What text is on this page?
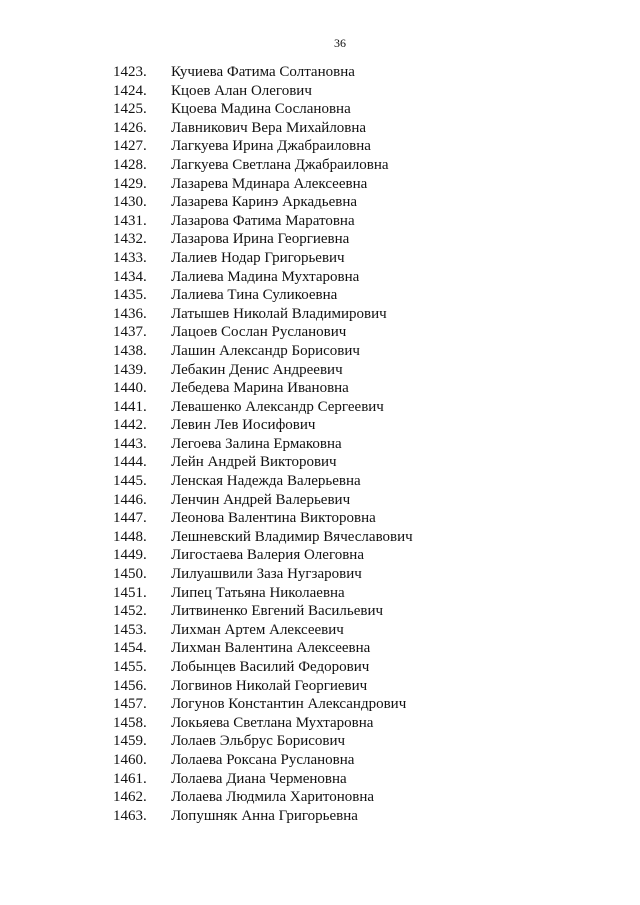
36
1423. Кучиева Фатима Солтановна
1424. Кцоев Алан Олегович
1425. Кцоева Мадина Сослановна
1426. Лавникович Вера Михайловна
1427. Лагкуева Ирина Джабраиловна
1428. Лагкуева Светлана Джабраиловна
1429. Лазарева Мдинара Алексеевна
1430. Лазарева Каринэ Аркадьевна
1431. Лазарова Фатима Маратовна
1432. Лазарова Ирина Георгиевна
1433. Лалиев Нодар Григорьевич
1434. Лалиева Мадина Мухтаровна
1435. Лалиева Тина Суликоевна
1436. Латышев Николай Владимирович
1437. Лацоев Сослан Русланович
1438. Лашин Александр Борисович
1439. Лебакин Денис Андреевич
1440. Лебедева Марина Ивановна
1441. Левашенко Александр Сергеевич
1442. Левин Лев Иосифович
1443. Легоева Залина Ермаковна
1444. Лейн Андрей Викторович
1445. Ленская Надежда Валерьевна
1446. Ленчин Андрей Валерьевич
1447. Леонова Валентина Викторовна
1448. Лешневский Владимир Вячеславович
1449. Лигостаева Валерия Олеговна
1450. Лилуашвили Заза Нугзарович
1451. Липец Татьяна Николаевна
1452. Литвиненко Евгений Васильевич
1453. Лихман Артем Алексеевич
1454. Лихман Валентина Алексеевна
1455. Лобынцев Василий Федорович
1456. Логвинов Николай Георгиевич
1457. Логунов Константин Александрович
1458. Локьяева Светлана Мухтаровна
1459. Лолаев Эльбрус Борисович
1460. Лолаева Роксана Руслановна
1461. Лолаева Диана Черменовна
1462. Лолаева Людмила Харитоновна
1463. Лопушняк Анна Григорьевна
